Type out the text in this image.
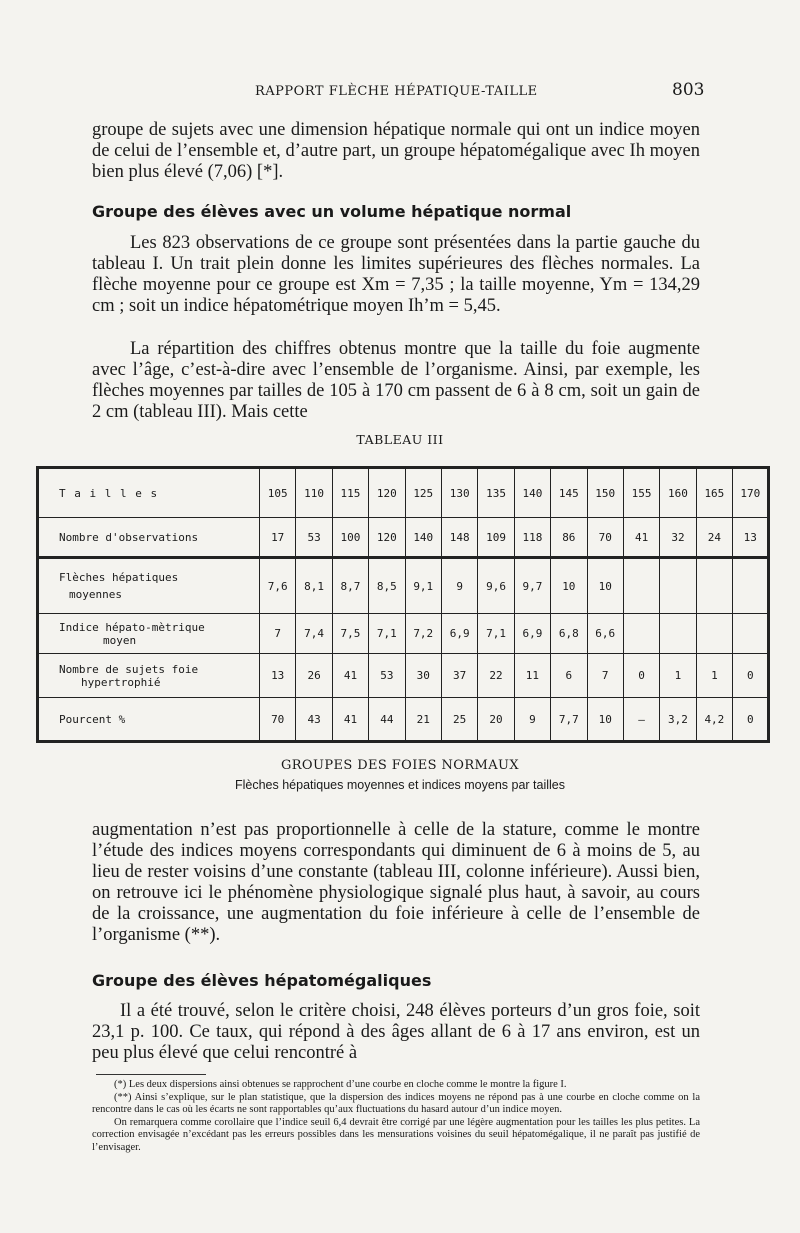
RAPPORT FLÈCHE HÉPATIQUE-TAILLE	803
groupe de sujets avec une dimension hépatique normale qui ont un indice moyen de celui de l’ensemble et, d’autre part, un groupe hépatomégalique avec Ih moyen bien plus élevé (7,06) [*].
Groupe des élèves avec un volume hépatique normal
Les 823 observations de ce groupe sont présentées dans la partie gauche du tableau I. Un trait plein donne les limites supérieures des flèches normales. La flèche moyenne pour ce groupe est Xm = 7,35 ; la taille moyenne, Ym = 134,29 cm ; soit un indice hépatométrique moyen Ih’m = 5,45.
La répartition des chiffres obtenus montre que la taille du foie augmente avec l’âge, c’est-à-dire avec l’ensemble de l’organisme. Ainsi, par exemple, les flèches moyennes par tailles de 105 à 170 cm passent de 6 à 8 cm, soit un gain de 2 cm (tableau III). Mais cette
TABLEAU III
T a i l l e s	105	110	115	120	125	130	135	140	145	150	155	160	165	170
Nombre d'observations	17	53	100	120	140	148	109	118	86	70	41	32	24	13

Flèches hépatiques
moyennes	7,6	8,1	8,7	8,5	9,1	9	9,6	9,7	10	10				

Indice hépato-mètrique
moyen	7	7,4	7,5	7,1	7,2	6,9	7,1	6,9	6,8	6,6				

Nombre de sujets foie
hypertrophié	13	26	41	53	30	37	22	11	6	7	0	1	1	0
Pourcent %	70	43	41	44	21	25	20	9	7,7	10	–	3,2	4,2	0
GROUPES DES FOIES NORMAUX
Flèches hépatiques moyennes et indices moyens par tailles
augmentation n’est pas proportionnelle à celle de la stature, comme le montre l’étude des indices moyens correspondants qui diminuent de 6 à moins de 5, au lieu de rester voisins d’une constante (tableau III, colonne inférieure). Aussi bien, on retrouve ici le phénomène physiologique signalé plus haut, à savoir, au cours de la croissance, une augmentation du foie inférieure à celle de l’ensemble de l’organisme (**).
Groupe des élèves hépatomégaliques
Il a été trouvé, selon le critère choisi, 248 élèves porteurs d’un gros foie, soit 23,1 p. 100. Ce taux, qui répond à des âges allant de 6 à 17 ans environ, est un peu plus élevé que celui rencontré à

(*) Les deux dispersions ainsi obtenues se rapprochent d’une courbe en cloche comme le montre la figure I.

(**) Ainsi s’explique, sur le plan statistique, que la dispersion des indices moyens ne répond pas à une courbe en cloche comme on la rencontre dans le cas où les écarts ne sont rapportables qu’aux fluctuations du hasard autour d’un indice moyen.

On remarquera comme corollaire que l’indice seuil 6,4 devrait être corrigé par une légère augmentation pour les tailles les plus petites. La correction envisagée n’excédant pas les erreurs possibles dans les mensurations voisines du seuil hépatomégalique, il ne paraît pas justifié de l’envisager.
